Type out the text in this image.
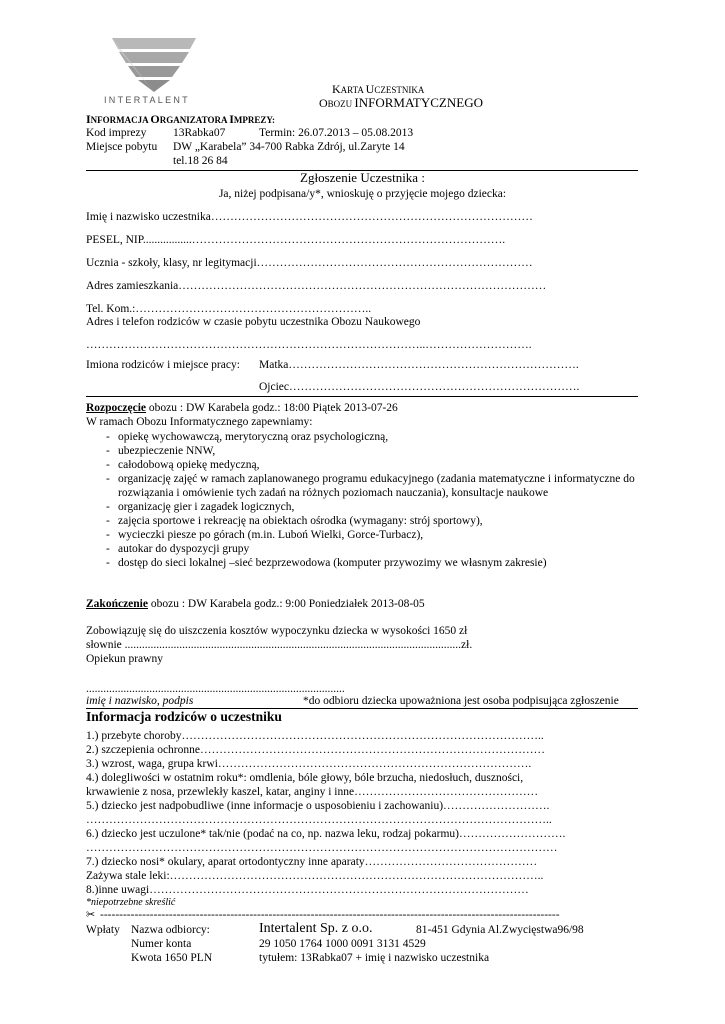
INTERTALENT
KARTA UCZESTNIKA
OBOZU INFORMATYCZNEGO
INFORMACJA ORGANIZATORA IMPREZY:
Kod imprezy 13Rabka07	Termin: 26.07.2013 – 05.08.2013
Miejsce pobytu DW „Karabela” 34-700 Rabka Zdrój, ul.Zaryte 14
tel.18 26 84
Zgłoszenie Uczestnika :
Ja, niżej podpisana/y*, wnioskuję o przyjęcie mojego dziecka:
Imię i nazwisko uczestnika…………………………………………………………………………
PESEL, NIP.................……………………………………………………………………….
Ucznia - szkoły, klasy, nr legitymacji………………………………………………………………
Adres zamieszkania……………………………………………………………………………………
Tel. Kom.:……………………………………………………..
Adres i telefon rodziców w czasie pobytu uczestnika Obozu Naukowego
……………………………………………………………………………..……………………….
Imiona rodziców i miejsce pracy: Matka………………………………………………………………….
Ojciec………………………………………………………………….
Rozpoczęcie obozu : DW Karabela godz.: 18:00 Piątek 2013-07-26
W ramach Obozu Informatycznego zapewniamy:
- opiekę wychowawczą, merytoryczną oraz psychologiczną,
- ubezpieczenie NNW,
- całodobową opiekę medyczną,
- organizację zajęć w ramach zaplanowanego programu edukacyjnego (zadania matematyczne i informatyczne do rozwiązania i omówienie tych zadań na różnych poziomach nauczania), konsultacje naukowe
- organizację gier i zagadek logicznych,
- zajęcia sportowe i rekreację na obiektach ośrodka (wymagany: strój sportowy),
- wycieczki piesze po górach (m.in. Luboń Wielki, Gorce-Turbacz),
- autokar do dyspozycji grupy
- dostęp do sieci lokalnej –sieć bezprzewodowa (komputer przywozimy we własnym zakresie)
Zakończenie obozu : DW Karabela godz.: 9:00 Poniedziałek 2013-08-05
Zobowiązuję się do uiszczenia kosztów wypoczynku dziecka w wysokości 1650 zł
słownie .....................................................................................................................zł.
Opiekun prawny
..........................................................................................
imię i nazwisko, podpis	*do odbioru dziecka upoważniona jest osoba podpisująca zgłoszenie
Informacja rodziców o uczestniku
1.) przebyte choroby…………………………………………………………………………………..
2.) szczepienia ochronne………………………………………………………………………………
3.) wzrost, waga, grupa krwi……………………………………………………………………….
4.) dolegliwości w ostatnim roku*: omdlenia, bóle głowy, bóle brzucha, niedosłuch, duszności,
krwawienie z nosa, przewlekły kaszel, katar, anginy i inne…………………………………………
5.) dziecko jest nadpobudliwe (inne informacje o usposobieniu i zachowaniu)……………………….
…………………………………………………………………………………………………………..
6.) dziecko jest uczulone* tak/nie (podać na co, np. nazwa leku, rodzaj pokarmu)……………………….
……………………………………………………………………………………………………………
7.) dziecko nosi* okulary, aparat ortodontyczny inne aparaty………………………………………
Zażywa stale leki:……………………………………………………………………………………..
8.)inne uwagi………………………………………………………………………………………
*niepotrzebne skreślić
✂ ------------------------------------------------------------------------------------------------------------------------
Wpłaty Nazwa odbiorcy:	Intertalent Sp. z o.o.	81-451 Gdynia Al.Zwycięstwa96/98
Numer konta	29 1050 1764 1000 0091 3131 4529
Kwota 1650 PLN	tytułem: 13Rabka07 + imię i nazwisko uczestnika
